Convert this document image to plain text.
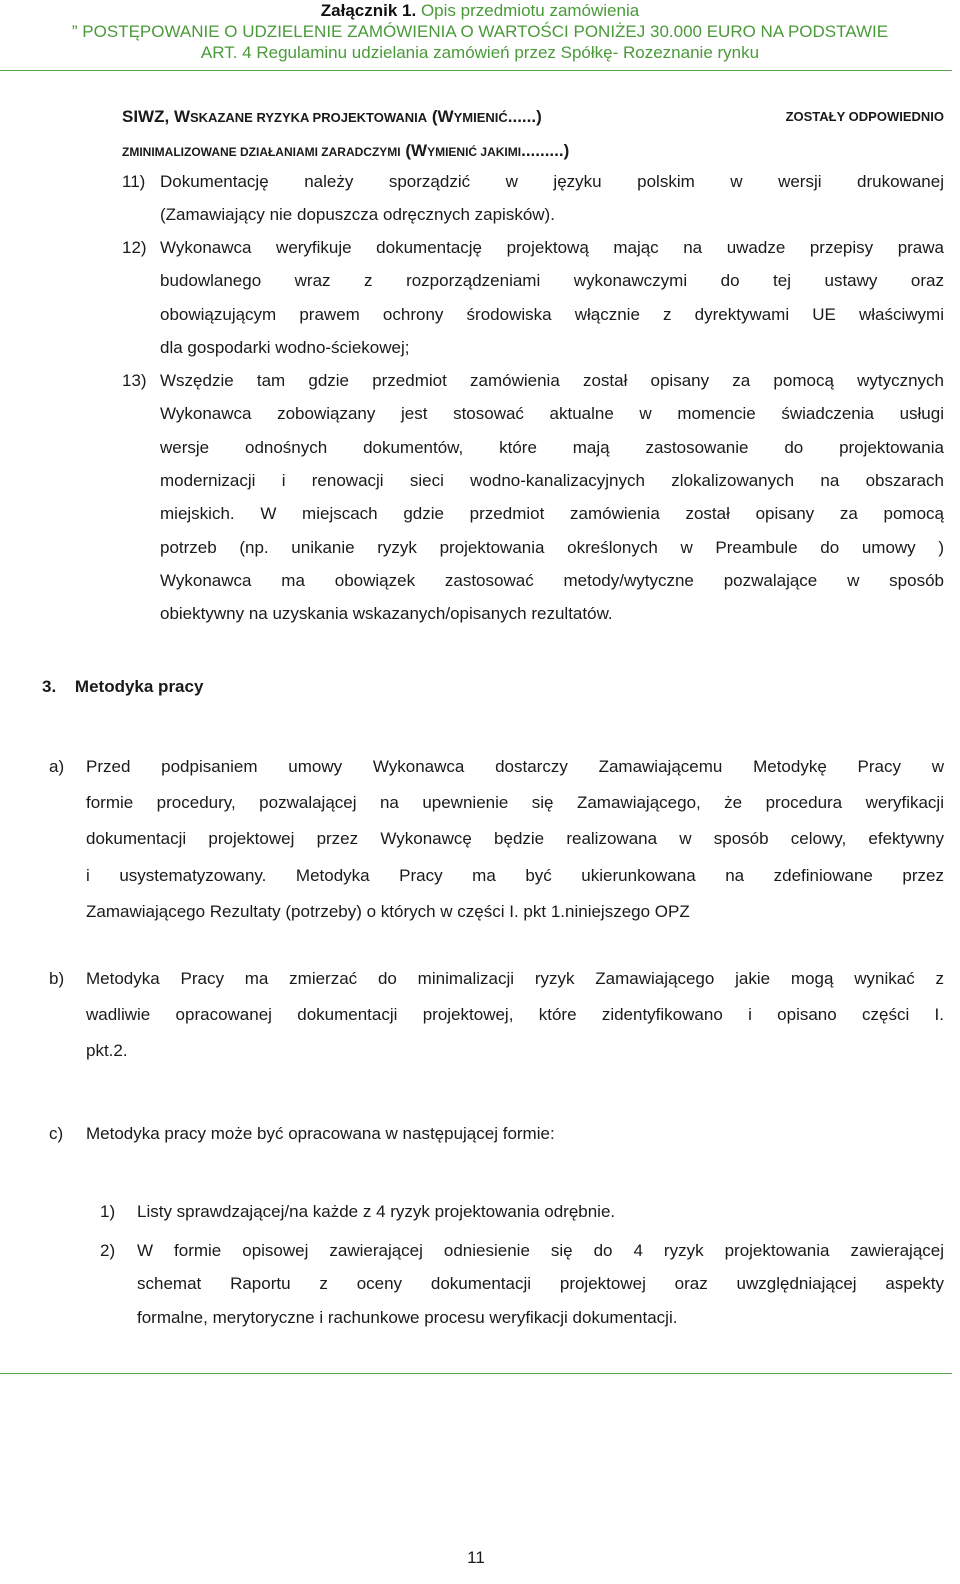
Załącznik 1. Opis przedmiotu zamówienia
” POSTĘPOWANIE O UDZIELENIE ZAMÓWIENIA O WARTOŚCI PONIŻEJ 30.000 EURO NA PODSTAWIE
ART. 4 Regulaminu udzielania zamówień przez Spółkę- Rozeznanie rynku
SIWZ, WSKAZANE RYZYKA PROJEKTOWANIA (WYMIENIĆ......)	ZOSTAŁY ODPOWIEDNIO
ZMINIMALIZOWANE DZIAŁANIAMI ZARADCZYMI (WYMIENIĆ JAKIMI.........)
11) Dokumentację należy sporządzić w języku polskim w wersji drukowanej
(Zamawiający nie dopuszcza odręcznych zapisków).
12) Wykonawca weryfikuje dokumentację projektową mając na uwadze przepisy prawa
budowlanego wraz z rozporządzeniami wykonawczymi do tej ustawy oraz
obowiązującym prawem ochrony środowiska włącznie z dyrektywami UE właściwymi
dla gospodarki wodno-ściekowej;
13) Wszędzie tam gdzie przedmiot zamówienia został opisany za pomocą wytycznych
Wykonawca zobowiązany jest stosować aktualne w momencie świadczenia usługi
wersje odnośnych dokumentów, które mają zastosowanie do projektowania
modernizacji i renowacji sieci wodno-kanalizacyjnych zlokalizowanych na obszarach
miejskich. W miejscach gdzie przedmiot zamówienia został opisany za pomocą
potrzeb (np. unikanie ryzyk projektowania określonych w Preambule do umowy )
Wykonawca ma obowiązek zastosować metody/wytyczne pozwalające w sposób
obiektywny na uzyskania wskazanych/opisanych rezultatów.
3. Metodyka pracy
a) Przed podpisaniem umowy Wykonawca dostarczy Zamawiającemu Metodykę Pracy w
formie procedury, pozwalającej na upewnienie się Zamawiającego, że procedura weryfikacji
dokumentacji projektowej przez Wykonawcę będzie realizowana w sposób celowy, efektywny
i usystematyzowany. Metodyka Pracy ma być ukierunkowana na zdefiniowane przez
Zamawiającego Rezultaty (potrzeby) o których w części I. pkt 1.niniejszego OPZ
b) Metodyka Pracy ma zmierzać do minimalizacji ryzyk Zamawiającego jakie mogą wynikać z
wadliwie opracowanej dokumentacji projektowej, które zidentyfikowano i opisano części I.
pkt.2.
c) Metodyka pracy może być opracowana w następującej formie:
1) Listy sprawdzającej/na każde z 4 ryzyk projektowania odrębnie.
2) W formie opisowej zawierającej odniesienie się do 4 ryzyk projektowania zawierającej
schemat Raportu z oceny dokumentacji projektowej oraz uwzględniającej aspekty
formalne, merytoryczne i rachunkowe procesu weryfikacji dokumentacji.
11
